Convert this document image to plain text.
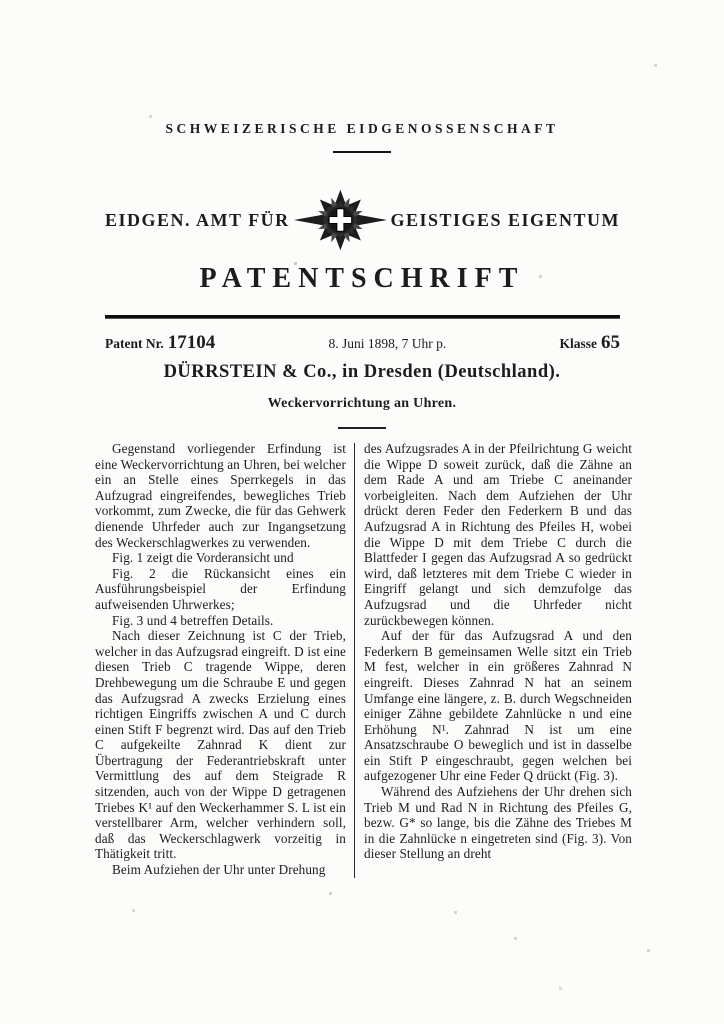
SCHWEIZERISCHE EIDGENOSSENSCHAFT
EIDGEN. AMT FÜR	GEISTIGES EIGENTUM
PATENTSCHRIFT
Patent Nr. 17104	8. Juni 1898, 7 Uhr p.	Klasse 65
DÜRRSTEIN & Co., in Dresden (Deutschland).
Weckervorrichtung an Uhren.

Gegenstand vorliegender Erfindung ist eine Weckervorrichtung an Uhren, bei welcher ein an Stelle eines Sperrkegels in das Aufzugrad eingreifendes, bewegliches Trieb vorkommt, zum Zwecke, die für das Gehwerk dienende Uhrfeder auch zur Ingangsetzung des Weckerschlagwerkes zu verwenden.

Fig. 1 zeigt die Vorderansicht und

Fig. 2 die Rückansicht eines ein Ausführungsbeispiel der Erfindung aufweisenden Uhrwerkes;

Fig. 3 und 4 betreffen Details.

Nach dieser Zeichnung ist C der Trieb, welcher in das Aufzugsrad eingreift. D ist eine diesen Trieb C tragende Wippe, deren Drehbewegung um die Schraube E und gegen das Aufzugsrad A zwecks Erzielung eines richtigen Eingriffs zwischen A und C durch einen Stift F begrenzt wird. Das auf den Trieb C aufgekeilte Zahnrad K dient zur Übertragung der Federantriebskraft unter Vermittlung des auf dem Steigrade R sitzenden, auch von der Wippe D getragenen Triebes K¹ auf den Weckerhammer S. L ist ein verstellbarer Arm, welcher verhindern soll, daß das Weckerschlagwerk vorzeitig in Thätigkeit tritt.

Beim Aufziehen der Uhr unter Drehung

des Aufzugsrades A in der Pfeilrichtung G weicht die Wippe D soweit zurück, daß die Zähne an dem Rade A und am Triebe C aneinander vorbeigleiten. Nach dem Aufziehen der Uhr drückt deren Feder den Federkern B und das Aufzugsrad A in Richtung des Pfeiles H, wobei die Wippe D mit dem Triebe C durch die Blattfeder I gegen das Aufzugsrad A so gedrückt wird, daß letzteres mit dem Triebe C wieder in Eingriff gelangt und sich demzufolge das Aufzugsrad und die Uhrfeder nicht zurückbewegen können.

Auf der für das Aufzugsrad A und den Federkern B gemeinsamen Welle sitzt ein Trieb M fest, welcher in ein größeres Zahnrad N eingreift. Dieses Zahnrad N hat an seinem Umfange eine längere, z. B. durch Wegschneiden einiger Zähne gebildete Zahnlücke n und eine Erhöhung N¹. Zahnrad N ist um eine Ansatzschraube O beweglich und ist in dasselbe ein Stift P eingeschraubt, gegen welchen bei aufgezogener Uhr eine Feder Q drückt (Fig. 3).

Während des Aufziehens der Uhr drehen sich Trieb M und Rad N in Richtung des Pfeiles G, bezw. G* so lange, bis die Zähne des Triebes M in die Zahnlücke n eingetreten sind (Fig. 3). Von dieser Stellung an dreht
